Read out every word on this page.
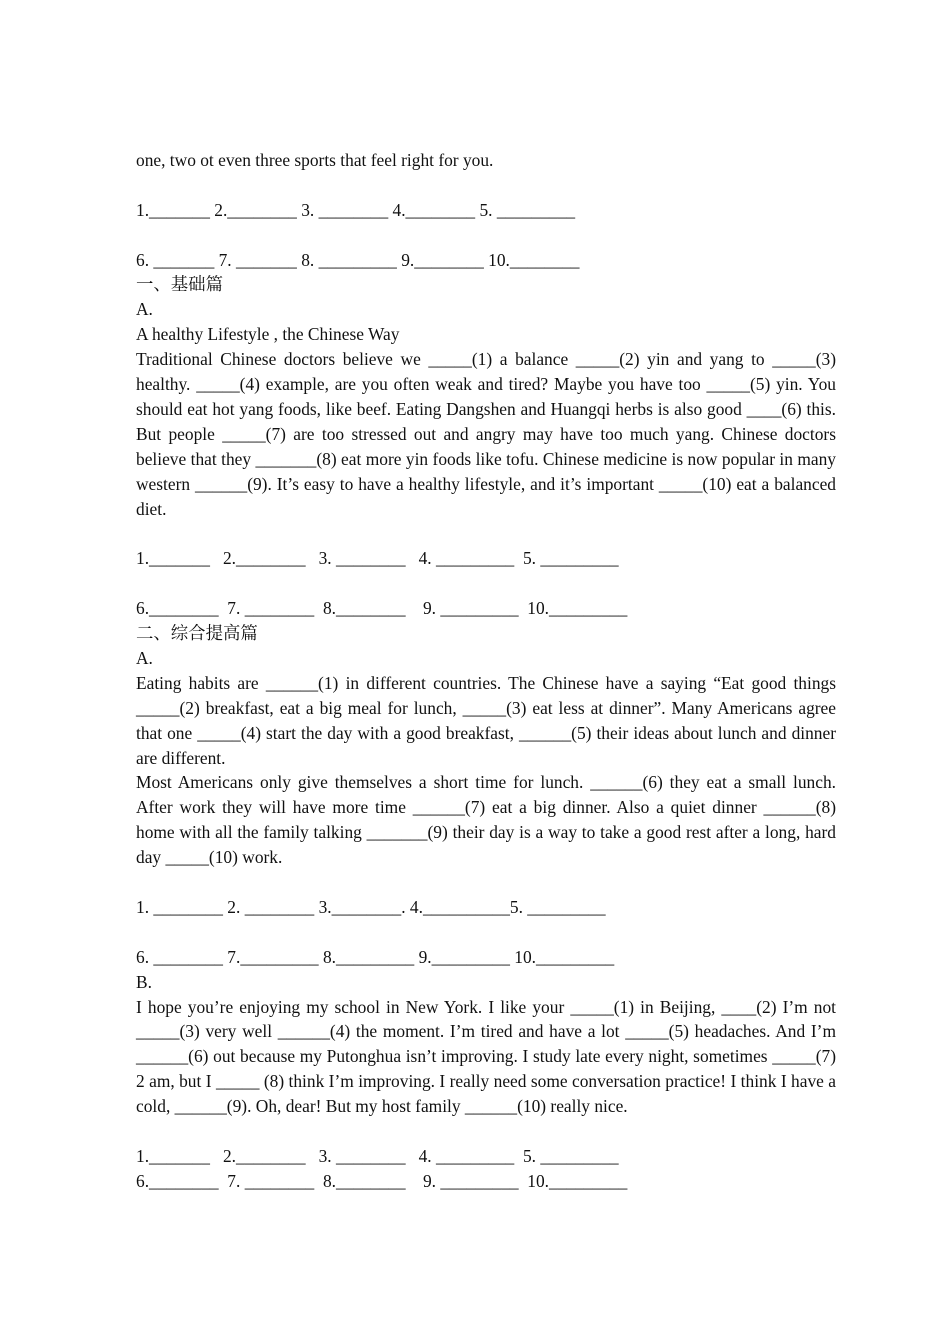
one, two ot even three sports that feel right for you.
1._______ 2.________ 3. ________ 4.________ 5. _________
6. _______ 7. _______ 8. _________ 9.________ 10.________
一、基础篇
A.
A healthy Lifestyle , the Chinese Way
Traditional Chinese doctors believe we _____(1) a balance _____(2) yin and yang to _____(3) healthy. _____(4) example, are you often weak and tired? Maybe you have too _____(5) yin. You should eat hot yang foods, like beef. Eating Dangshen and Huangqi herbs is also good ____(6) this. But people _____(7) are too stressed out and angry may have too much yang. Chinese doctors believe that they _______(8) eat more yin foods like tofu. Chinese medicine is now popular in many western ______(9). It’s easy to have a healthy lifestyle, and it’s important _____(10) eat a balanced diet.
1._______   2.________   3. ________   4. _________  5. _________
6.________  7. ________  8.________    9. _________  10._________
二、综合提高篇
A.
Eating habits are ______(1) in different countries. The Chinese have a saying “Eat good things _____(2) breakfast, eat a big meal for lunch, _____(3) eat less at dinner”. Many Americans agree that one _____(4) start the day with a good breakfast, ______(5) their ideas about lunch and dinner are different.
Most Americans only give themselves a short time for lunch. ______(6) they eat a small lunch. After work they will have more time ______(7) eat a big dinner. Also a quiet dinner ______(8) home with all the family talking _______(9) their day is a way to take a good rest after a long, hard day _____(10) work.
1. ________ 2. ________ 3.________. 4.__________5. _________
6. ________ 7._________ 8._________ 9._________ 10._________
B.
I hope you’re enjoying my school in New York. I like your _____(1) in Beijing, ____(2) I’m not _____(3) very well ______(4) the moment. I’m tired and have a lot _____(5) headaches. And I’m ______(6) out because my Putonghua isn’t improving. I study late every night, sometimes _____(7) 2 am, but I _____ (8) think I’m improving. I really need some conversation practice! I think I have a cold, ______(9). Oh, dear! But my host family ______(10) really nice.
1._______   2.________   3. ________   4. _________  5. _________
6.________  7. ________  8.________    9. _________  10._________
